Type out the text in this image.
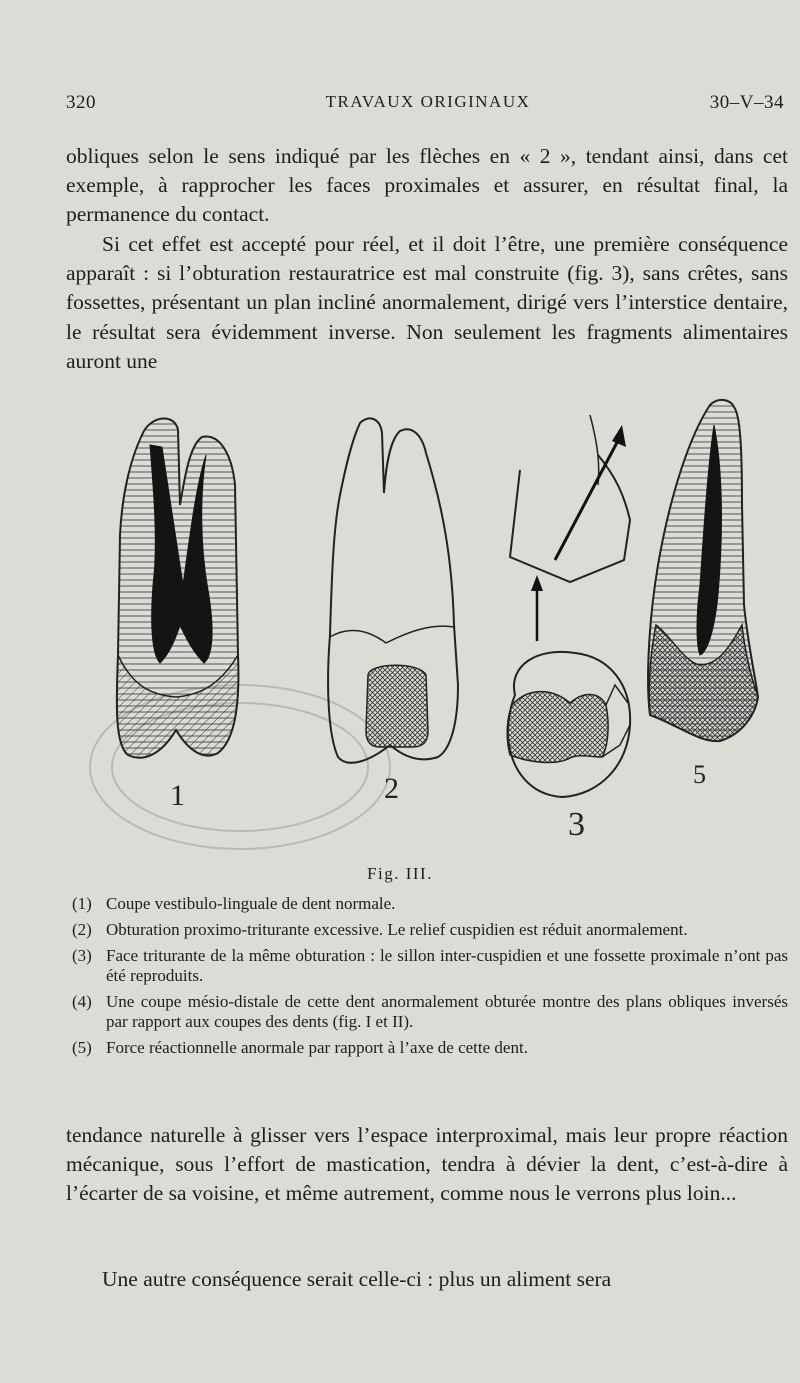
320	TRAVAUX ORIGINAUX	30–V–34

obliques selon le sens indiqué par les flèches en « 2 », tendant ainsi, dans cet exemple, à rapprocher les faces proximales et assurer, en résultat final, la permanence du contact.

Si cet effet est accepté pour réel, et il doit l’être, une première conséquence apparaît : si l’obturation restauratrice est mal construite (fig. 3), sans crêtes, sans fossettes, présentant un plan incliné anormalement, dirigé vers l’interstice dentaire, le résultat sera évidemment inverse. Non seulement les fragments alimentaires auront une

1	2
3
5
Fig. III.
(1) Coupe vestibulo-linguale de dent normale.
(2) Obturation proximo-triturante excessive. Le relief cuspidien est réduit anormalement.
(3) Face triturante de la même obturation : le sillon inter-cuspidien et une fossette proximale n’ont pas été reproduits.
(4) Une coupe mésio-distale de cette dent anormalement obturée montre des plans obliques inversés par rapport aux coupes des dents (fig. I et II).
(5) Force réactionnelle anormale par rapport à l’axe de cette dent.

tendance naturelle à glisser vers l’espace interproximal, mais leur propre réaction mécanique, sous l’effort de mastication, tendra à dévier la dent, c’est-à-dire à l’écarter de sa voisine, et même autrement, comme nous le verrons plus loin...

Une autre conséquence serait celle-ci : plus un aliment sera
